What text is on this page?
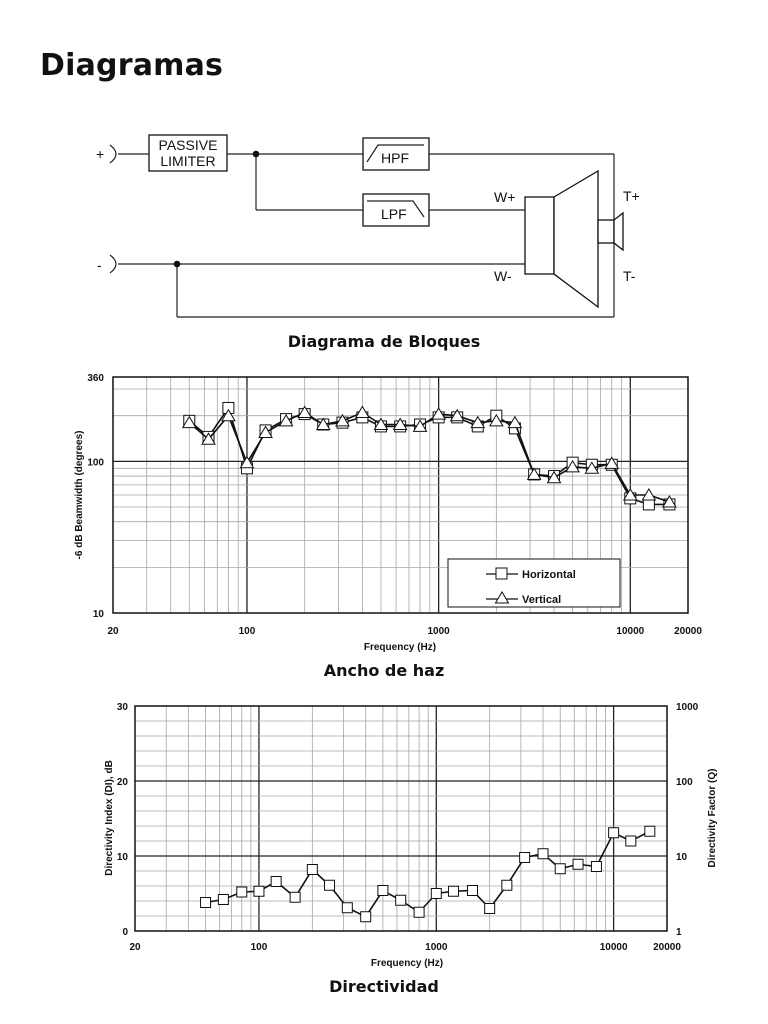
Diagramas
+
-
PASSIVE
LIMITER	HPF
LPF
W+
W-
T+
T-
Diagrama de Bloques
20	100	1000	10000	20000
10
100
360
Frequency (Hz)
-6 dB Beamwidth (degrees)
Horizontal
Vertical
Ancho de haz
20	100	1000	10000	20000
0
10
20
30
1
10
100
1000
Frequency (Hz)
Directivity Index (DI), dB	Directivity Factor (Q)
Directividad
